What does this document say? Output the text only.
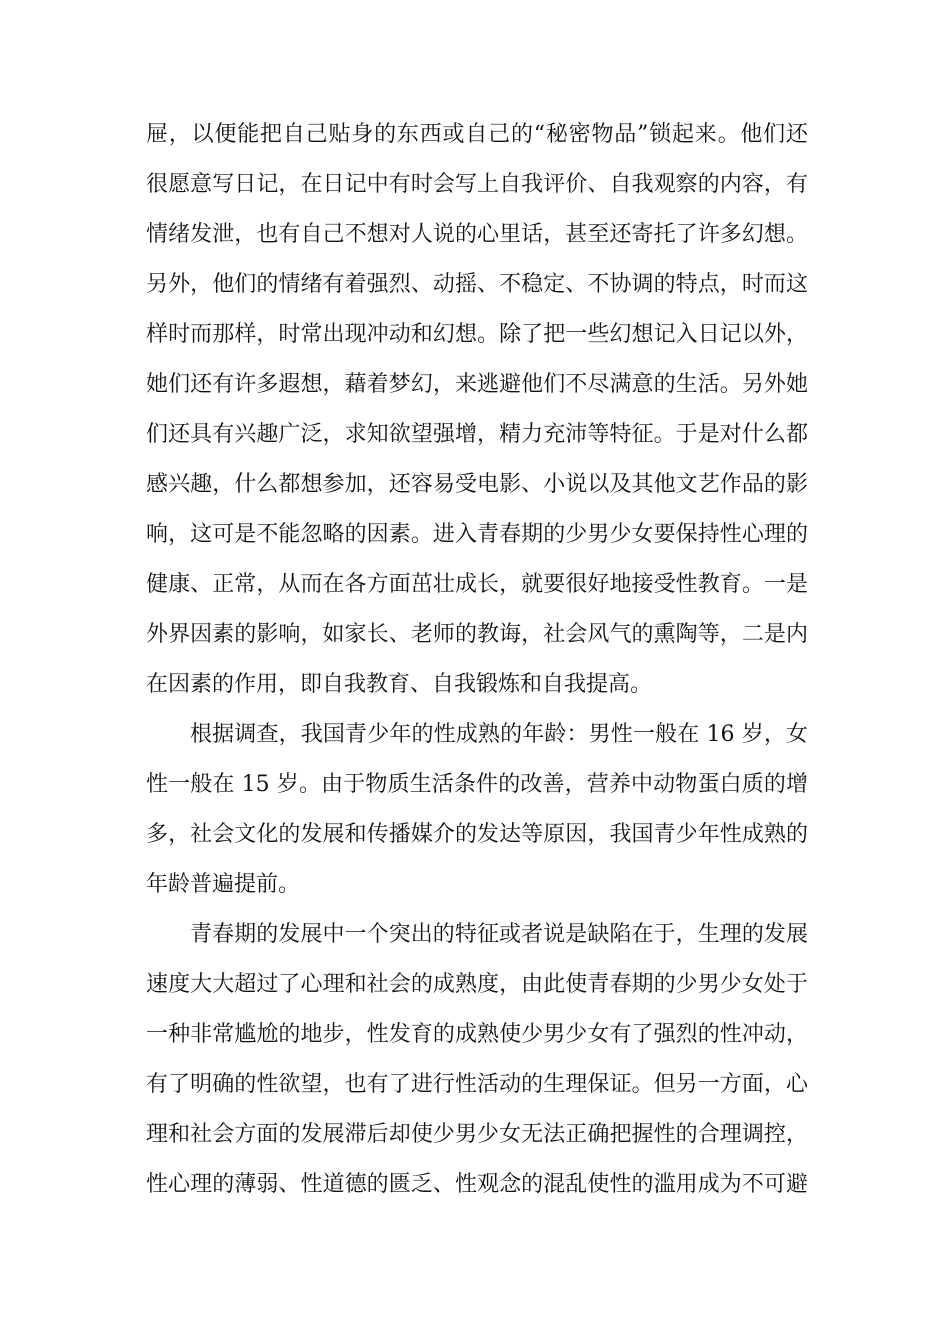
屉，以便能把自己贴身的东西或自己的“秘密物品”锁起来。他们还
很愿意写日记，在日记中有时会写上自我评价、自我观察的内容，有
情绪发泄，也有自己不想对人说的心里话，甚至还寄托了许多幻想。
另外，他们的情绪有着强烈、动摇、不稳定、不协调的特点，时而这
样时而那样，时常出现冲动和幻想。除了把一些幻想记入日记以外，
她们还有许多遐想，藉着梦幻，来逃避他们不尽满意的生活。另外她
们还具有兴趣广泛，求知欲望强增，精力充沛等特征。于是对什么都
感兴趣，什么都想参加，还容易受电影、小说以及其他文艺作品的影
响，这可是不能忽略的因素。进入青春期的少男少女要保持性心理的
健康、正常，从而在各方面茁壮成长，就要很好地接受性教育。一是
外界因素的影响，如家长、老师的教诲，社会风气的熏陶等，二是内
在因素的作用，即自我教育、自我锻炼和自我提高。
根据调查，我国青少年的性成熟的年龄：男性一般在 16 岁，女
性一般在 15 岁。由于物质生活条件的改善，营养中动物蛋白质的增
多，社会文化的发展和传播媒介的发达等原因，我国青少年性成熟的
年龄普遍提前。
青春期的发展中一个突出的特征或者说是缺陷在于，生理的发展
速度大大超过了心理和社会的成熟度，由此使青春期的少男少女处于
一种非常尴尬的地步，性发育的成熟使少男少女有了强烈的性冲动，
有了明确的性欲望，也有了进行性活动的生理保证。但另一方面，心
理和社会方面的发展滞后却使少男少女无法正确把握性的合理调控，
性心理的薄弱、性道德的匮乏、性观念的混乱使性的滥用成为不可避
